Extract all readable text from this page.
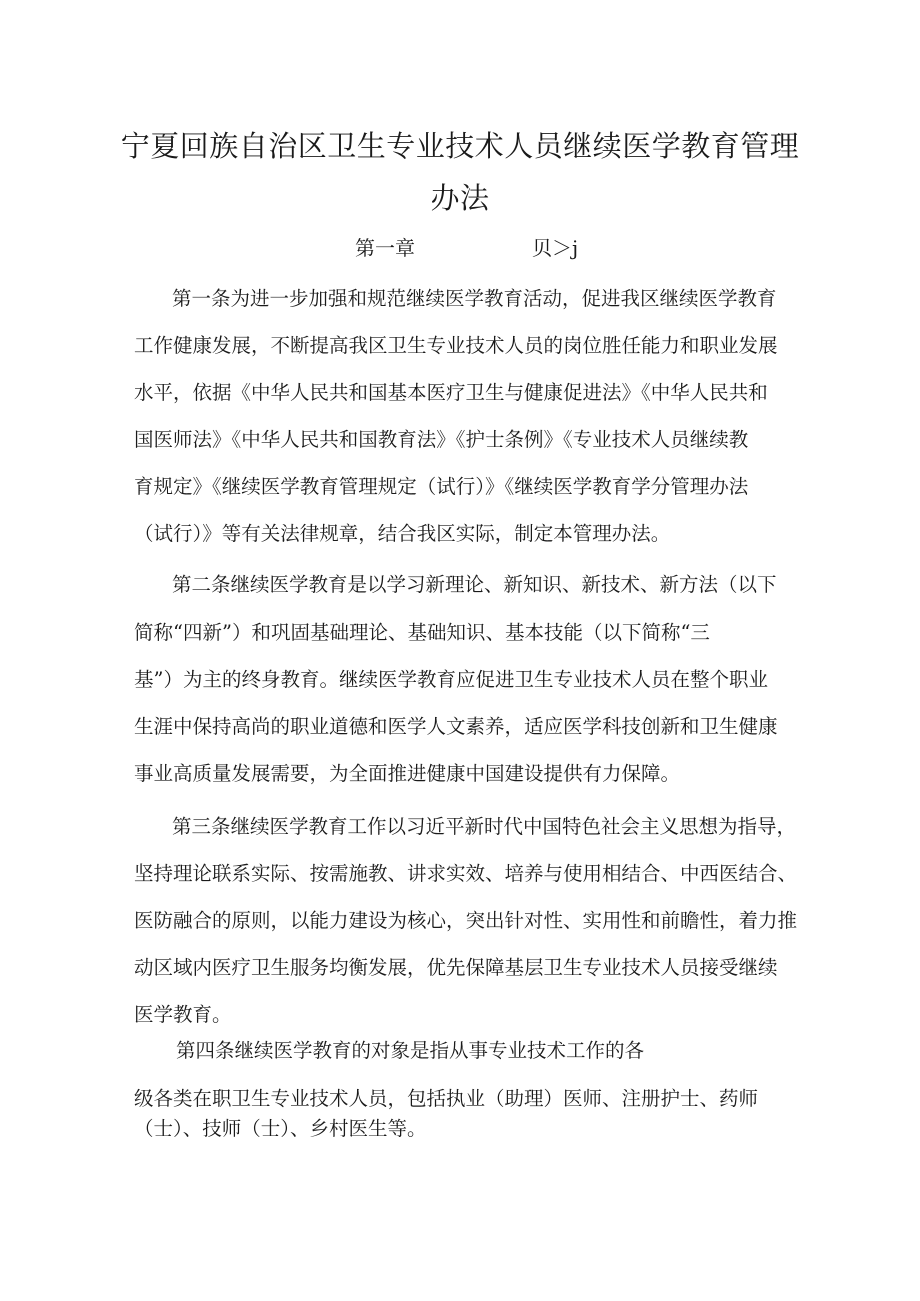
宁夏回族自治区卫生专业技术人员继续医学教育管理
办法
第一章	贝＞j
第一条为进一步加强和规范继续医学教育活动，促进我区继续医学教育
工作健康发展，不断提高我区卫生专业技术人员的岗位胜任能力和职业发展
水平，依据《中华人民共和国基本医疗卫生与健康促进法》《中华人民共和
国医师法》《中华人民共和国教育法》《护士条例》《专业技术人员继续教
育规定》《继续医学教育管理规定（试行）》《继续医学教育学分管理办法
（试行）》等有关法律规章，结合我区实际，制定本管理办法。
第二条继续医学教育是以学习新理论、新知识、新技术、新方法（以下
简称“四新”）和巩固基础理论、基础知识、基本技能（以下简称“三
基”）为主的终身教育。继续医学教育应促进卫生专业技术人员在整个职业
生涯中保持高尚的职业道德和医学人文素养，适应医学科技创新和卫生健康
事业高质量发展需要，为全面推进健康中国建设提供有力保障。
第三条继续医学教育工作以习近平新时代中国特色社会主义思想为指导，
坚持理论联系实际、按需施教、讲求实效、培养与使用相结合、中西医结合、
医防融合的原则，以能力建设为核心，突出针对性、实用性和前瞻性，着力推
动区域内医疗卫生服务均衡发展，优先保障基层卫生专业技术人员接受继续
医学教育。
第四条继续医学教育的对象是指从事专业技术工作的各
级各类在职卫生专业技术人员，包括执业（助理）医师、注册护士、药师
（士）、技师（士）、乡村医生等。
